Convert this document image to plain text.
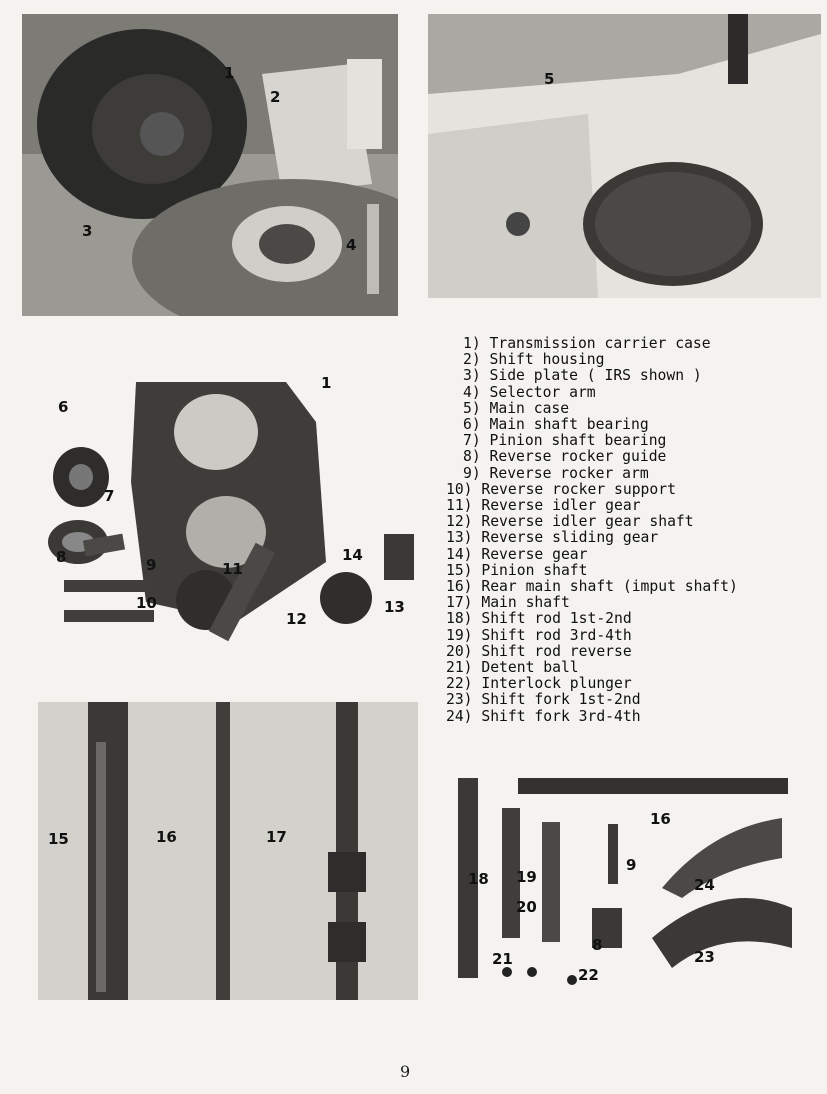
1
2
3
4
5
1
6
7
8	9
10
11
12
13
14
1) Transmission carrier case
2) Shift housing
3) Side plate ( IRS shown )
4) Selector arm
5) Main case
6) Main shaft bearing
7) Pinion shaft bearing
8) Reverse rocker guide
9) Reverse rocker arm
10) Reverse rocker support
11) Reverse idler gear
12) Reverse idler gear shaft
13) Reverse sliding gear
14) Reverse gear
15) Pinion shaft
16) Rear main shaft (imput shaft)
17) Main shaft
18) Shift rod 1st-2nd
19) Shift rod 3rd-4th
20) Shift rod reverse
21) Detent ball
22) Interlock plunger
23) Shift fork 1st-2nd
24) Shift fork 3rd-4th
15	16	17
16
9
24
18 19
20
8
23
21
22
9
